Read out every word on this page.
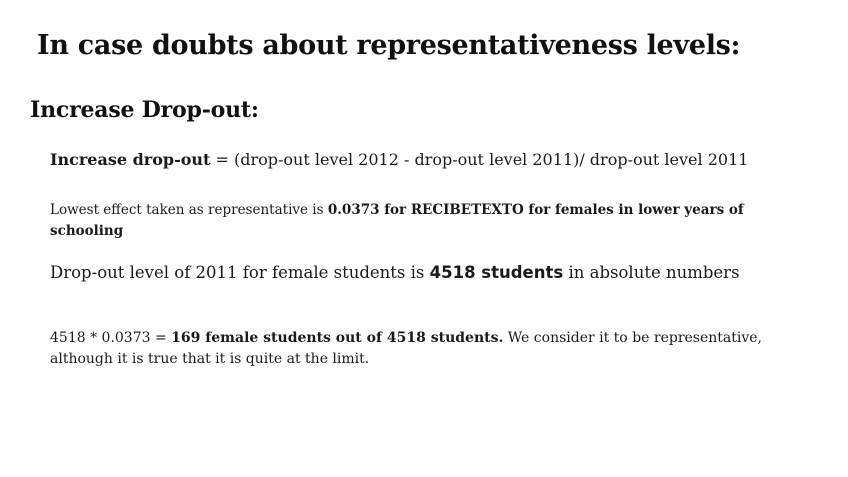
In case doubts about representativeness levels:
Increase Drop-out:

Increase drop-out = (drop-out level 2012 - drop-out level 2011)/ drop-out level 2011

Lowest effect taken as representative is 0.0373 for RECIBETEXTO for females in lower years of schooling

Drop-out level of 2011 for female students is 4518 students in absolute numbers

4518 * 0.0373 = 169 female students out of 4518 students. We consider it to be representative, although it is true that it is quite at the limit.
